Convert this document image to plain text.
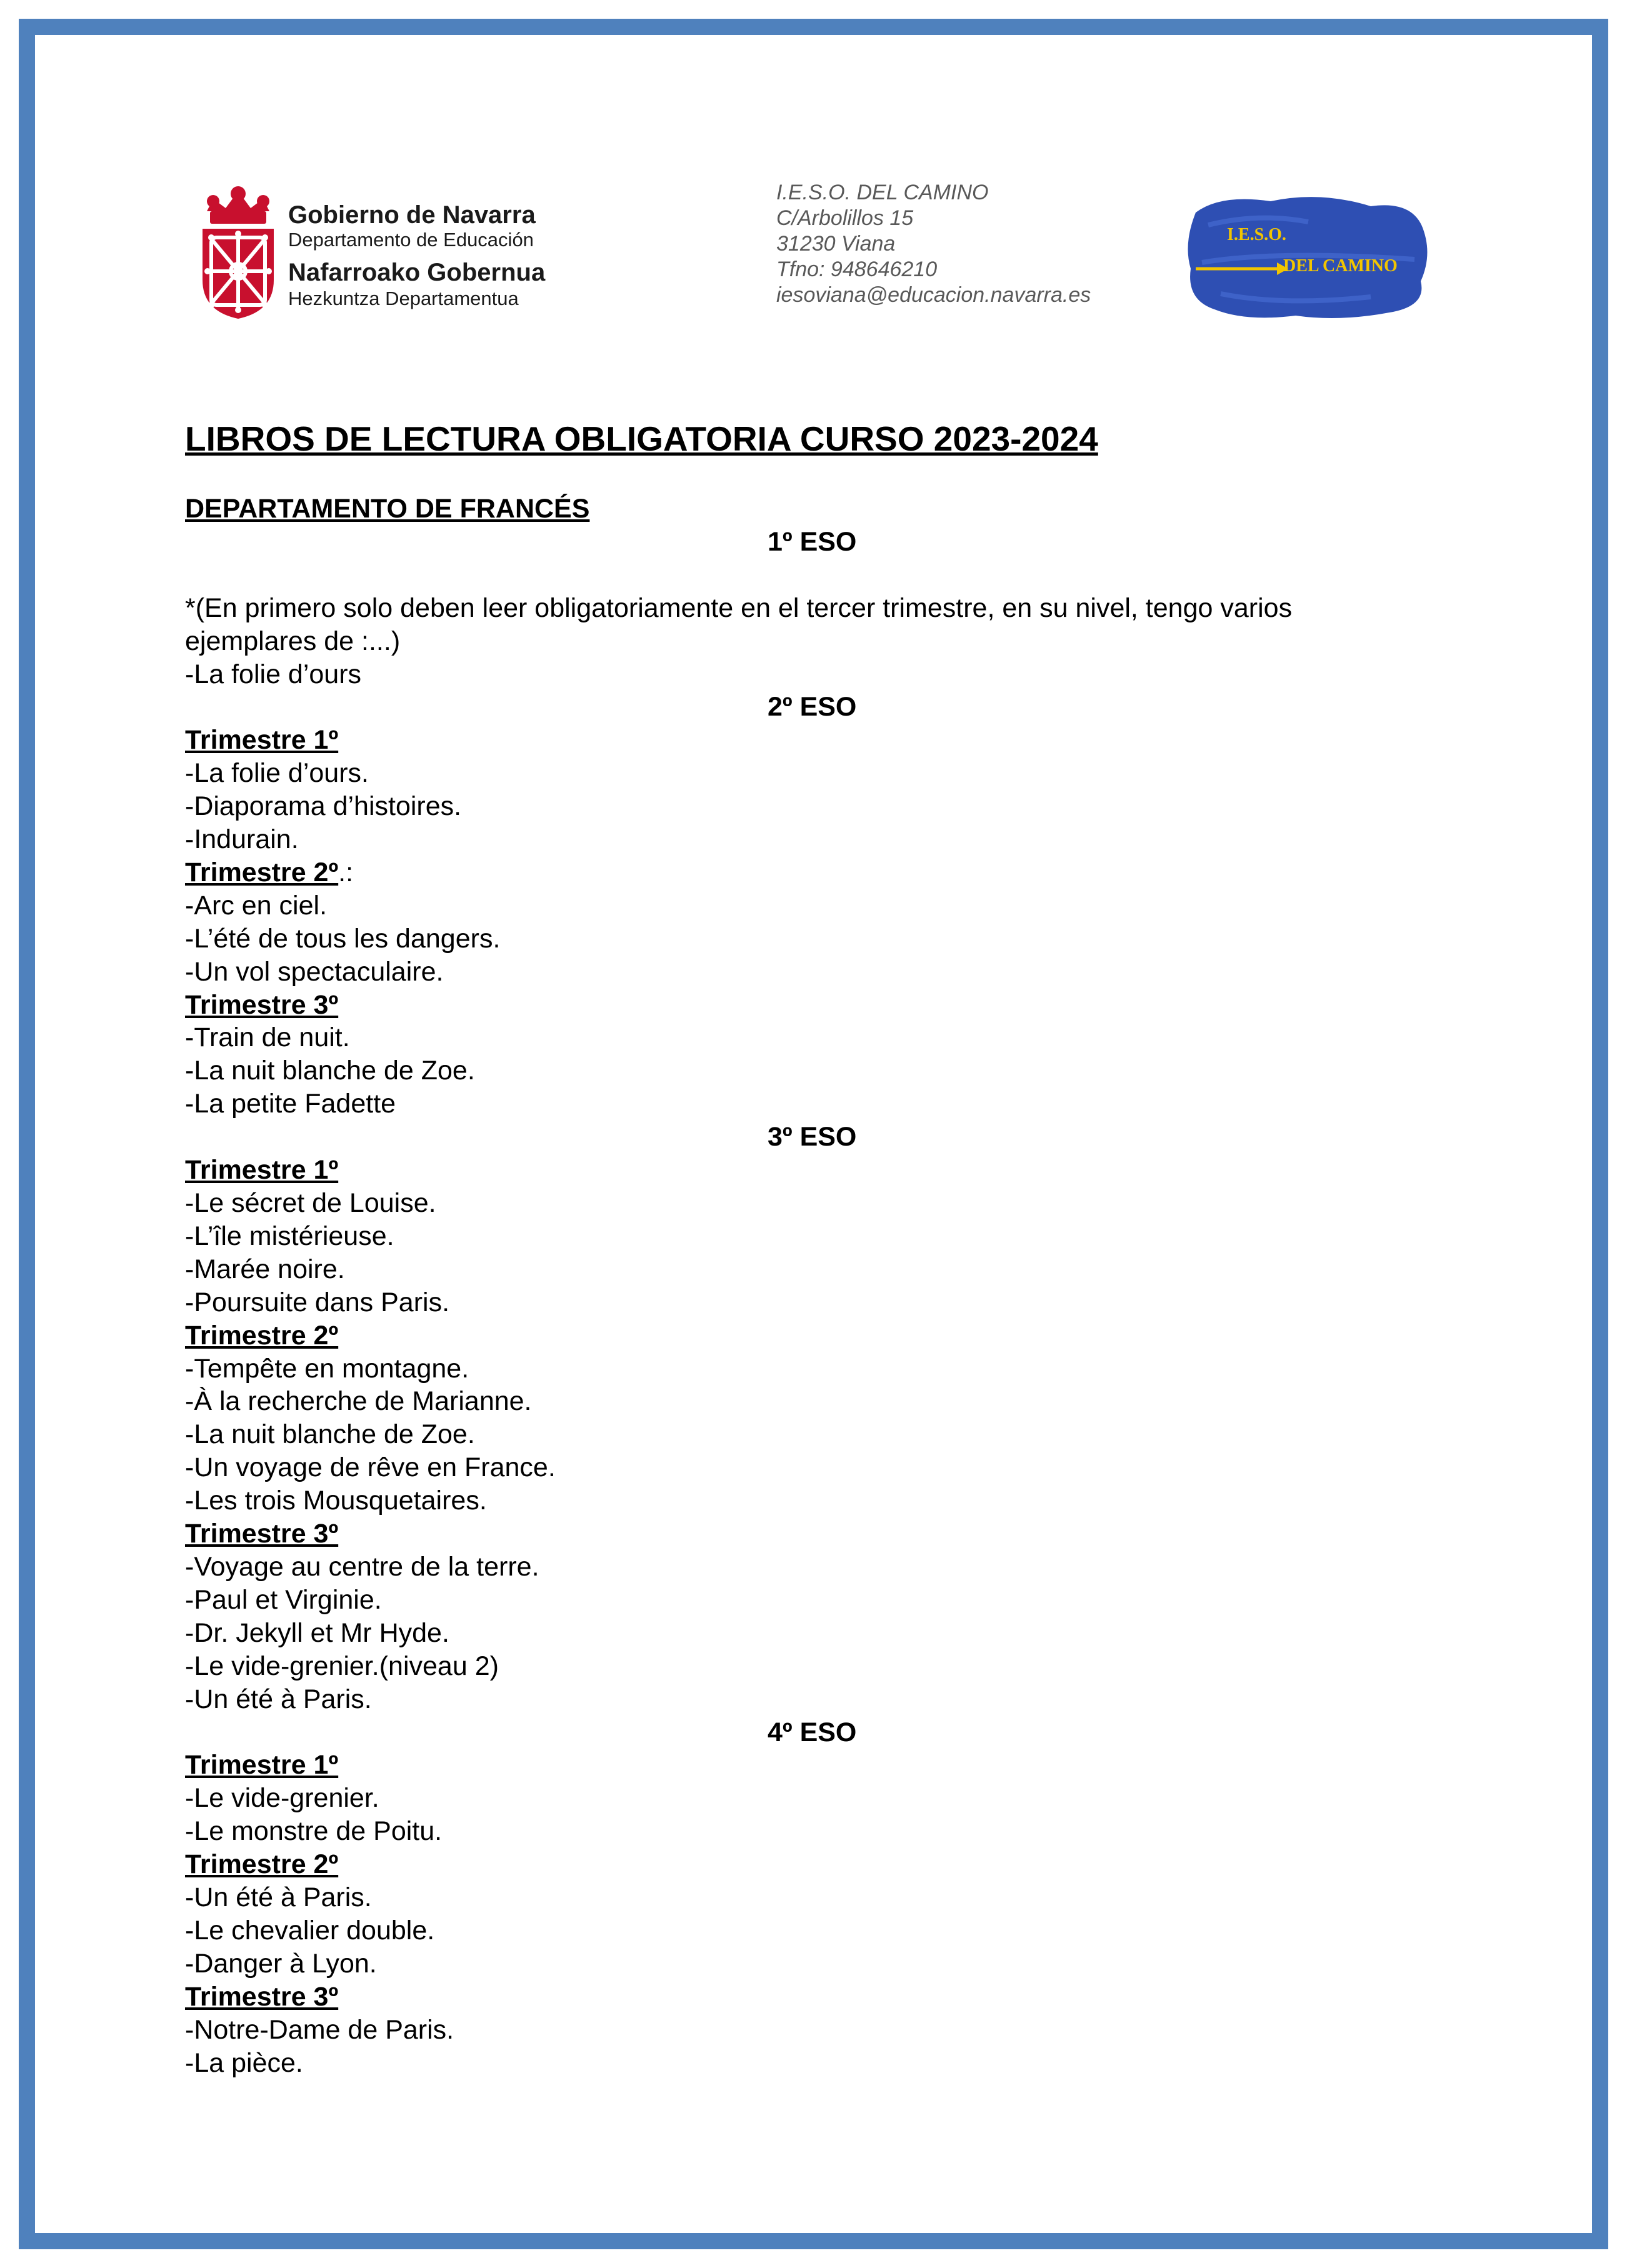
Gobierno de Navarra
Departamento de Educación
Nafarroako Gobernua
Hezkuntza Departamentua
I.E.S.O. DEL CAMINO
C/Arbolillos 15
31230 Viana
Tfno: 948646210
iesoviana@educacion.navarra.es
I.E.S.O.
DEL CAMINO
LIBROS DE LECTURA OBLIGATORIA CURSO 2023-2024
DEPARTAMENTO DE FRANCÉS
1º ESO
*(En primero solo deben leer obligatoriamente en el tercer trimestre, en su nivel, tengo varios ejemplares de :...)
-La folie d’ours
2º ESO
Trimestre 1º
-La folie d’ours.
-Diaporama d’histoires.
-Indurain.
Trimestre 2º.:
-Arc en ciel.
-L’été de tous les dangers.
-Un vol spectaculaire.
Trimestre 3º
-Train de nuit.
-La nuit blanche de Zoe.
-La petite Fadette
3º ESO
Trimestre 1º
-Le sécret de Louise.
-L’île mistérieuse.
-Marée noire.
-Poursuite dans Paris.
Trimestre 2º
-Tempête en montagne.
-À la recherche de Marianne.
-La nuit blanche de Zoe.
-Un voyage de rêve en France.
-Les trois Mousquetaires.
Trimestre 3º
-Voyage au centre de la terre.
-Paul et Virginie.
-Dr. Jekyll et Mr Hyde.
-Le vide-grenier.(niveau 2)
-Un été à Paris.
4º ESO
Trimestre 1º
-Le vide-grenier.
-Le monstre de Poitu.
Trimestre 2º
-Un été à Paris.
-Le chevalier double.
-Danger à Lyon.
Trimestre 3º
-Notre-Dame de Paris.
-La pièce.
